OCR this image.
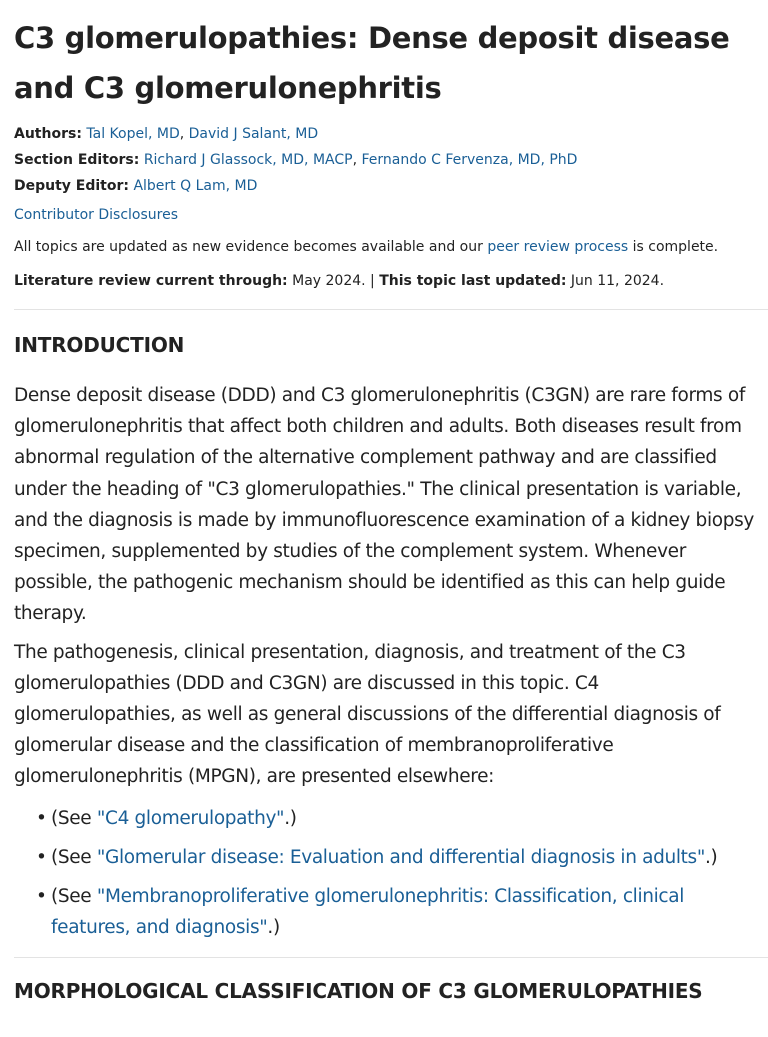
C3 glomerulopathies: Dense deposit disease and C3 glomerulonephritis

Authors: Tal Kopel, MD, David J Salant, MD

Section Editors: Richard J Glassock, MD, MACP, Fernando C Fervenza, MD, PhD

Deputy Editor: Albert Q Lam, MD

Contributor Disclosures

All topics are updated as new evidence becomes available and our peer review process is complete.

Literature review current through: May 2024. | This topic last updated: Jun 11, 2024.

INTRODUCTION

Dense deposit disease (DDD) and C3 glomerulonephritis (C3GN) are rare forms of glomerulonephritis that affect both children and adults. Both diseases result from abnormal regulation of the alternative complement pathway and are classified under the heading of "C3 glomerulopathies." The clinical presentation is variable, and the diagnosis is made by immunofluorescence examination of a kidney biopsy specimen, supplemented by studies of the complement system. Whenever possible, the pathogenic mechanism should be identified as this can help guide therapy.

The pathogenesis, clinical presentation, diagnosis, and treatment of the C3 glomerulopathies (DDD and C3GN) are discussed in this topic. C4 glomerulopathies, as well as general discussions of the differential diagnosis of glomerular disease and the classification of membranoproliferative glomerulonephritis (MPGN), are presented elsewhere:

• (See "C4 glomerulopathy".)
• (See "Glomerular disease: Evaluation and differential diagnosis in adults".)
• (See "Membranoproliferative glomerulonephritis: Classification, clinical features, and diagnosis".)
MORPHOLOGICAL CLASSIFICATION OF C3 GLOMERULOPATHIES
